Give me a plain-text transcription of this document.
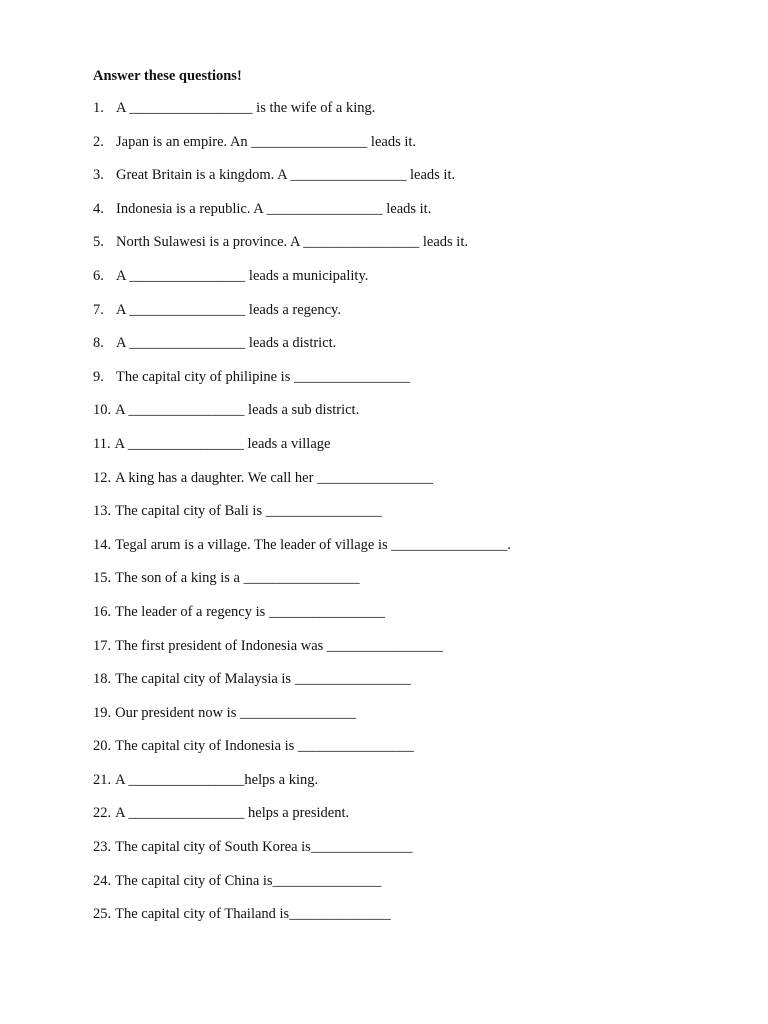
Answer these questions!
1. A _________________ is the wife of a king.
2. Japan is an empire. An ________________ leads it.
3. Great Britain is a kingdom. A ________________ leads it.
4. Indonesia is a republic. A ________________ leads it.
5. North Sulawesi is a province. A ________________ leads it.
6. A ________________ leads a municipality.
7. A ________________ leads a regency.
8. A ________________ leads a district.
9. The capital city of philipine is ________________
10. A ________________ leads a sub district.
11. A ________________ leads a village
12. A king has a daughter. We call her ________________
13. The capital city of Bali is ________________
14. Tegal arum is a village. The leader of village is ________________.
15. The son of a king is a ________________
16. The leader of a regency is ________________
17. The first president of Indonesia was ________________
18. The capital city of Malaysia is ________________
19. Our president now is ________________
20. The capital city of Indonesia is ________________
21. A ________________helps a king.
22. A ________________ helps a president.
23. The capital city of South Korea is______________
24. The capital city of China is_______________
25. The capital city of Thailand is______________
